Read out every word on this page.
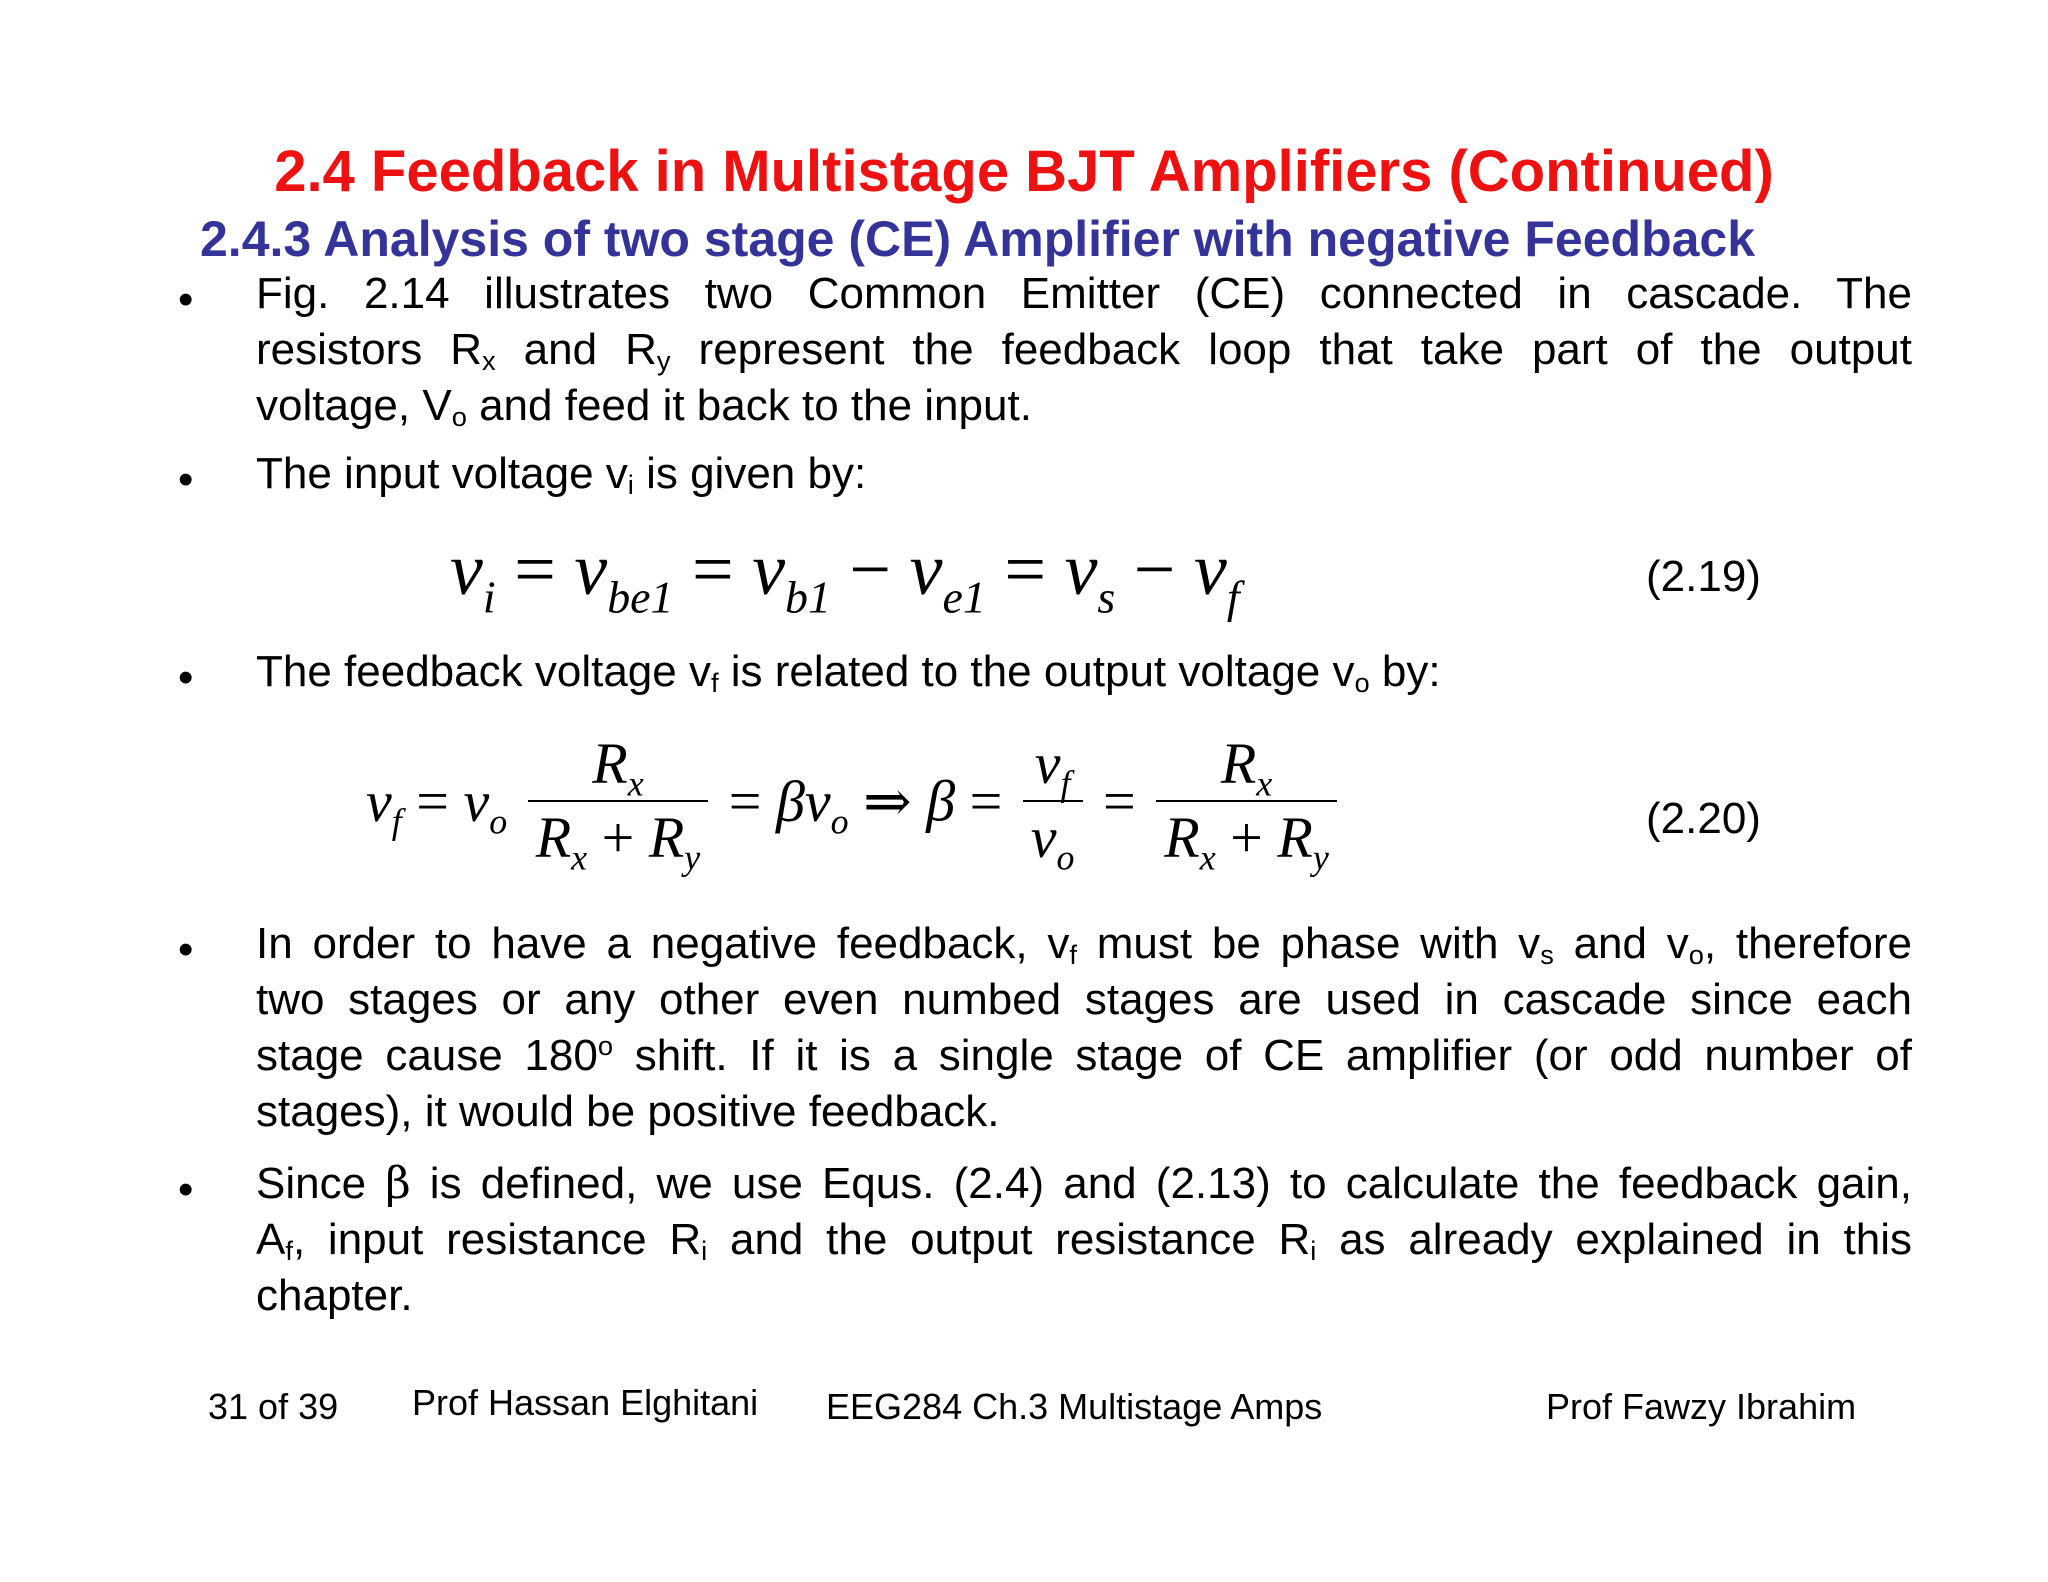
2.4 Feedback in Multistage BJT Amplifiers (Continued)
2.4.3 Analysis of two stage (CE) Amplifier with negative Feedback
• Fig. 2.14 illustrates two Common Emitter (CE) connected in cascade. The
resistors $R_x$ and $R_y$ represent the feedback loop that take part of the output
voltage, $V_o$ and feed it back to the input.
• The input voltage $v_i$ is given by:
$v_i = v_{be1} = v_{b1} - v_{e1} = v_s - v_f$	(2.19)
• The feedback voltage $v_f$ is related to the output voltage $v_o$ by:
$v_f = v_o \frac{R_x}{R_x + R_y} = \beta v_o$ ⇒ $\beta = \frac{v_f}{v_o} = \frac{R_x}{R_x + R_y}$	(2.20)
• In order to have a negative feedback, $v_f$ must be phase with $v_s$ and $v_o$, therefore
two stages or any other even numbed stages are used in cascade since each
stage cause 180$^o$ shift. If it is a single stage of CE amplifier (or odd number of
stages), it would be positive feedback.
• Since β is defined, we use Equs. (2.4) and (2.13) to calculate the feedback gain,
$A_f$, input resistance $R_i$ and the output resistance $R_i$ as already explained in this
chapter.
31 of 39 Prof Hassan Elghitani EEG284 Ch.3 Multistage Amps	Prof Fawzy Ibrahim
